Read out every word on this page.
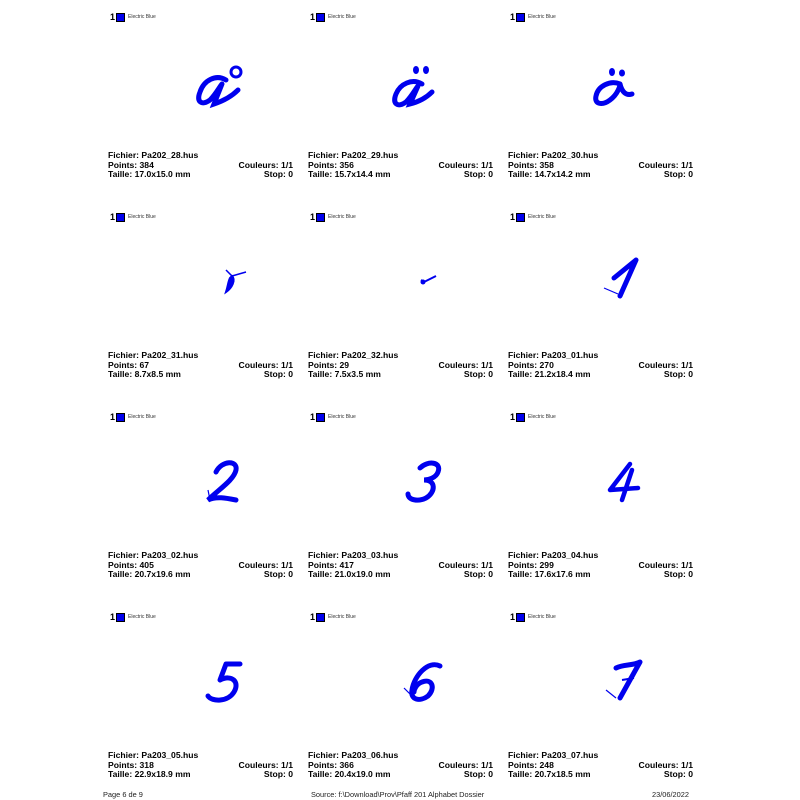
1	Electric Blue
Fichier: Pa202_28.hus
Points: 384	Couleurs: 1/1
Taille: 17.0x15.0 mm	Stop: 0
1	Electric Blue
Fichier: Pa202_29.hus
Points: 356	Couleurs: 1/1
Taille: 15.7x14.4 mm	Stop: 0
1	Electric Blue
Fichier: Pa202_30.hus
Points: 358	Couleurs: 1/1
Taille: 14.7x14.2 mm	Stop: 0
1	Electric Blue
Fichier: Pa202_31.hus
Points: 67	Couleurs: 1/1
Taille: 8.7x8.5 mm	Stop: 0
1	Electric Blue
Fichier: Pa202_32.hus
Points: 29	Couleurs: 1/1
Taille: 7.5x3.5 mm	Stop: 0
1	Electric Blue
Fichier: Pa203_01.hus
Points: 270	Couleurs: 1/1
Taille: 21.2x18.4 mm	Stop: 0
1	Electric Blue
Fichier: Pa203_02.hus
Points: 405	Couleurs: 1/1
Taille: 20.7x19.6 mm	Stop: 0
1	Electric Blue
Fichier: Pa203_03.hus
Points: 417	Couleurs: 1/1
Taille: 21.0x19.0 mm	Stop: 0
1	Electric Blue
Fichier: Pa203_04.hus
Points: 299	Couleurs: 1/1
Taille: 17.6x17.6 mm	Stop: 0
1	Electric Blue
Fichier: Pa203_05.hus
Points: 318	Couleurs: 1/1
Taille: 22.9x18.9 mm	Stop: 0
1	Electric Blue
Fichier: Pa203_06.hus
Points: 366	Couleurs: 1/1
Taille: 20.4x19.0 mm	Stop: 0
1	Electric Blue
Fichier: Pa203_07.hus
Points: 248	Couleurs: 1/1
Taille: 20.7x18.5 mm	Stop: 0
Page 6 de 9	Source: f:\Download\Prov\Pfaff 201 Alphabet Dossier	23/06/2022
